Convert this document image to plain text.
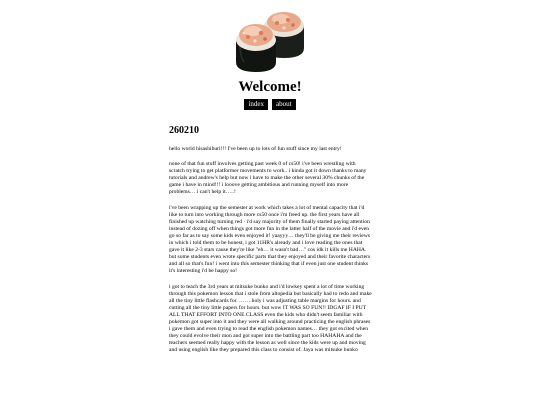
Welcome!
index about
260210

hello world hisashiburi!!! I've been up to lots of fun stuff since my last entry!

none of that fun stuff involves getting past week 0 of cs50! i've been wrestling with scratch trying to get platformer movements to work.. i kinda got it down thanks to many tutorials and andrew's help but now i have to make the other several 30% chunks of the game i have in mind!!! i looove getting ambitious and running myself into more problems… i can't help it…..!

i've been wrapping up the semester at work which takes a lot of mental capacity that i'd like to turn into working through more cs50 once i'm freed up. the first years have all finished up watching turning red · i'd say majority of them finally started paying attention instead of dozing off when things got more fun in the latter half of the movie and i'd even go so far as to say some kids even enjoyed it! yaayyy… they'll be giving me their reviews in which i told them to be honest, i got 11HR's already and i love reading the ones that gave it like 2-3 stars cause they're like "eh… it wasn't bad…" cos idk it kills me HAHA. but some students even wrote specific parts that they enjoyed and their favorite characters and all so that's fun! i went into this semester thinking that if even just one student thinks it's interesting i'd be happy so!

i got to teach the 3rd years at mitsuke bunko and i'd lowkey spent a lot of time working through this pokemon lesson that i stole from altopedia but basically had to redo and make all the tiny little flashcards for. …….holy i was adjusting table margins for hours. and cutting all the tiny little papers for hours. but wow IT WAS SO FUN!! IDGAF IF I PUT ALL THAT EFFORT INTO ONE CLASS even the kids who didn't seem familiar with pokemon got super into it and they were all walking around practicing the english phrases i gave them and even trying to read the english pokemon names… they got excited when they could evolve their mon and got super into the battling part too HAHAHA and the teachers seemed really happy with the lesson as well since the kids were up and moving and using english like they prepared this class to consist of. Jaya was mitsuke bunko
